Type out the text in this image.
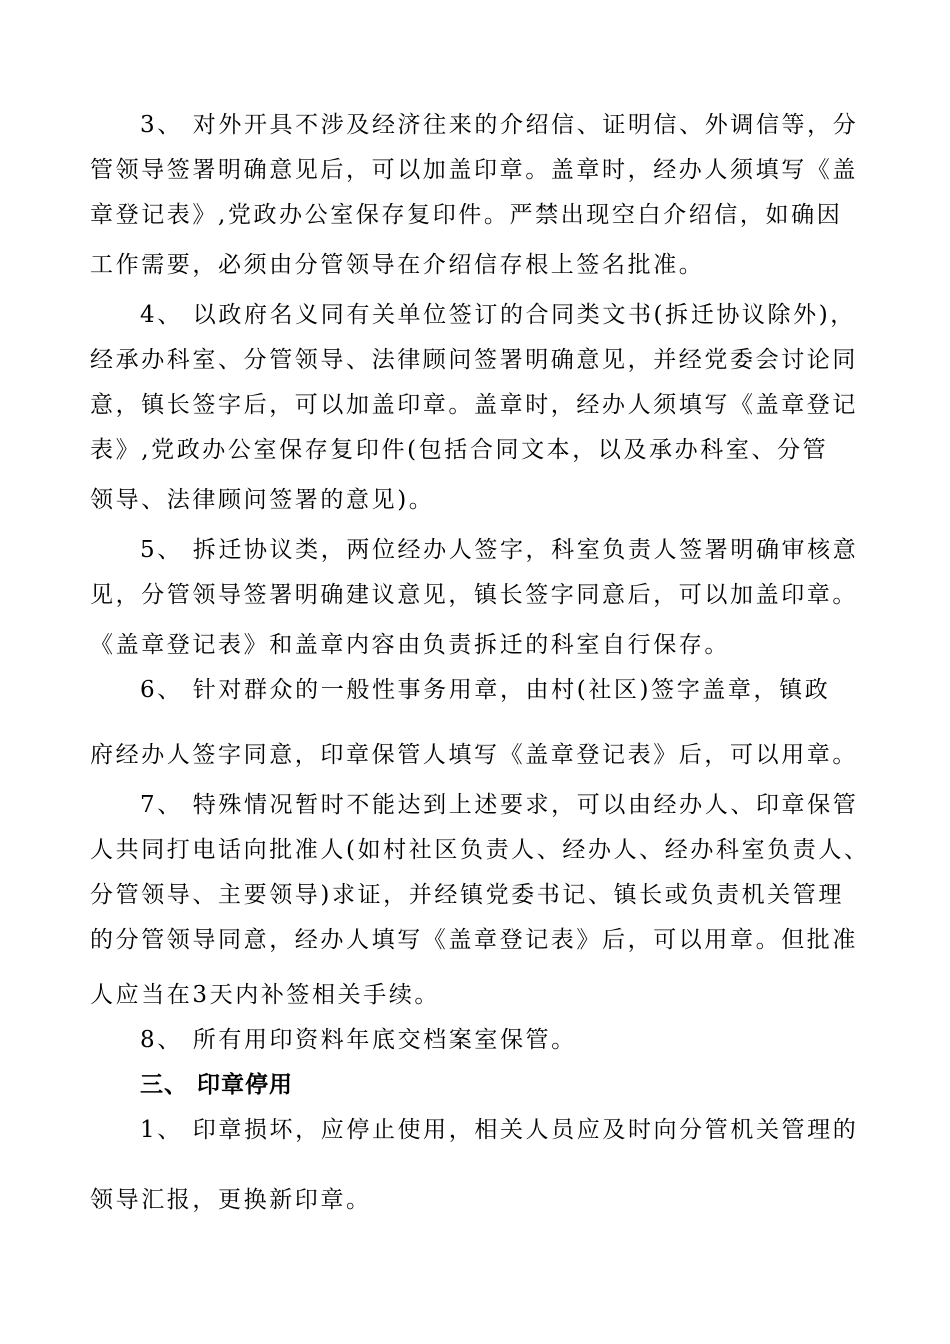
3、 对外开具不涉及经济往来的介绍信、证明信、外调信等，分
管领导签署明确意见后，可以加盖印章。盖章时，经办人须填写《盖
章登记表》,党政办公室保存复印件。严禁出现空白介绍信，如确因
工作需要，必须由分管领导在介绍信存根上签名批准。
4、 以政府名义同有关单位签订的合同类文书(拆迁协议除外)，
经承办科室、分管领导、法律顾问签署明确意见，并经党委会讨论同
意，镇长签字后，可以加盖印章。盖章时，经办人须填写《盖章登记
表》,党政办公室保存复印件(包括合同文本，以及承办科室、分管
领导、法律顾问签署的意见)。
5、 拆迁协议类，两位经办人签字，科室负责人签署明确审核意
见，分管领导签署明确建议意见，镇长签字同意后，可以加盖印章。
《盖章登记表》和盖章内容由负责拆迁的科室自行保存。
6、 针对群众的一般性事务用章，由村(社区)签字盖章，镇政
府经办人签字同意，印章保管人填写《盖章登记表》后，可以用章。
7、 特殊情况暂时不能达到上述要求，可以由经办人、印章保管
人共同打电话向批准人(如村社区负责人、经办人、经办科室负责人、
分管领导、主要领导)求证，并经镇党委书记、镇长或负责机关管理
的分管领导同意，经办人填写《盖章登记表》后，可以用章。但批准
人应当在3天内补签相关手续。
8、 所有用印资料年底交档案室保管。
三、 印章停用
1、 印章损坏，应停止使用，相关人员应及时向分管机关管理的
领导汇报，更换新印章。
